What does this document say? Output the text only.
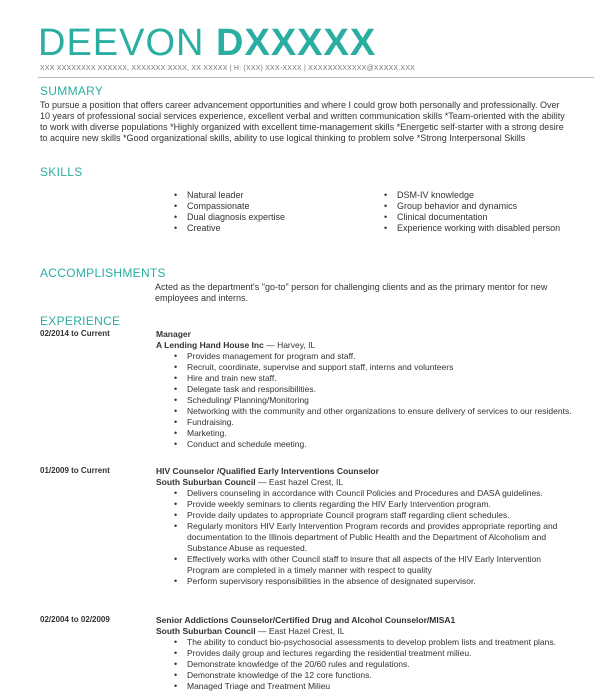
DEEVON DXXXXX
XXX XXXXXXXX XXXXXX, XXXXXXX XXXX, XX XXXXX | H: (XXX) XXX-XXXX | XXXXXXXXXXXX@XXXXX.XXX
SUMMARY
To pursue a position that offers career advancement opportunities and where I could grow both personally and professionally. Over 10 years of professional social services experience, excellent verbal and written communication skills *Team-oriented with the ability to work with diverse populations *Highly organized with excellent time-management skills *Energetic self-starter with a strong desire to acquire new skills *Good organizational skills, ability to use logical thinking to problem solve *Strong Interpersonal Skills
SKILLS
• Natural leader
• Compassionate
• Dual diagnosis expertise
• Creative
• DSM-IV knowledge
• Group behavior and dynamics
• Clinical documentation
• Experience working with disabled person
ACCOMPLISHMENTS
Acted as the department's "go-to" person for challenging clients and as the primary mentor for new employees and interns.
EXPERIENCE
02/2014 to Current	Manager
A Lending Hand House Inc — Harvey, IL
• Provides management for program and staff.
• Recruit, coordinate, supervise and support staff, interns and volunteers
• Hire and train new staff.
• Delegate task and responsibilities.
• Scheduling/ Planning/Monitoring
• Networking with the community and other organizations to ensure delivery of services to our residents.
• Fundraising.
• Marketing.
• Conduct and schedule meeting.
01/2009 to Current	HIV Counselor /Qualified Early Interventions Counselor
South Suburban Council — East hazel Crest, IL
• Delivers counseling in accordance with Council Policies and Procedures and DASA guidelines.
• Provide weekly seminars to clients regarding the HIV Early Intervention program.
• Provide daily updates to appropriate Council program staff regarding client schedules.
• Regularly monitors HIV Early Intervention Program records and provides appropriate reporting and documentation to the Illinois department of Public Health and the Department of Alcoholism and Substance Abuse as requested.
• Effectively works with other Council staff to insure that all aspects of the HIV Early Intervention Program are completed in a timely manner with respect to quality
• Perform supervisory responsibilities in the absence of designated supervisor.
02/2004 to 02/2009	Senior Addictions Counselor/Certified Drug and Alcohol Counselor/MISA1
South Suburban Council — East Hazel Crest, IL
• The ability to conduct bio-psychosocial assessments to develop problem lists and treatment plans.
• Provides daily group and lectures regarding the residential treatment milieu.
• Demonstrate knowledge of the 20/60 rules and regulations.
• Demonstrate knowledge of the 12 core functions.
• Managed Triage and Treatment Milieu
